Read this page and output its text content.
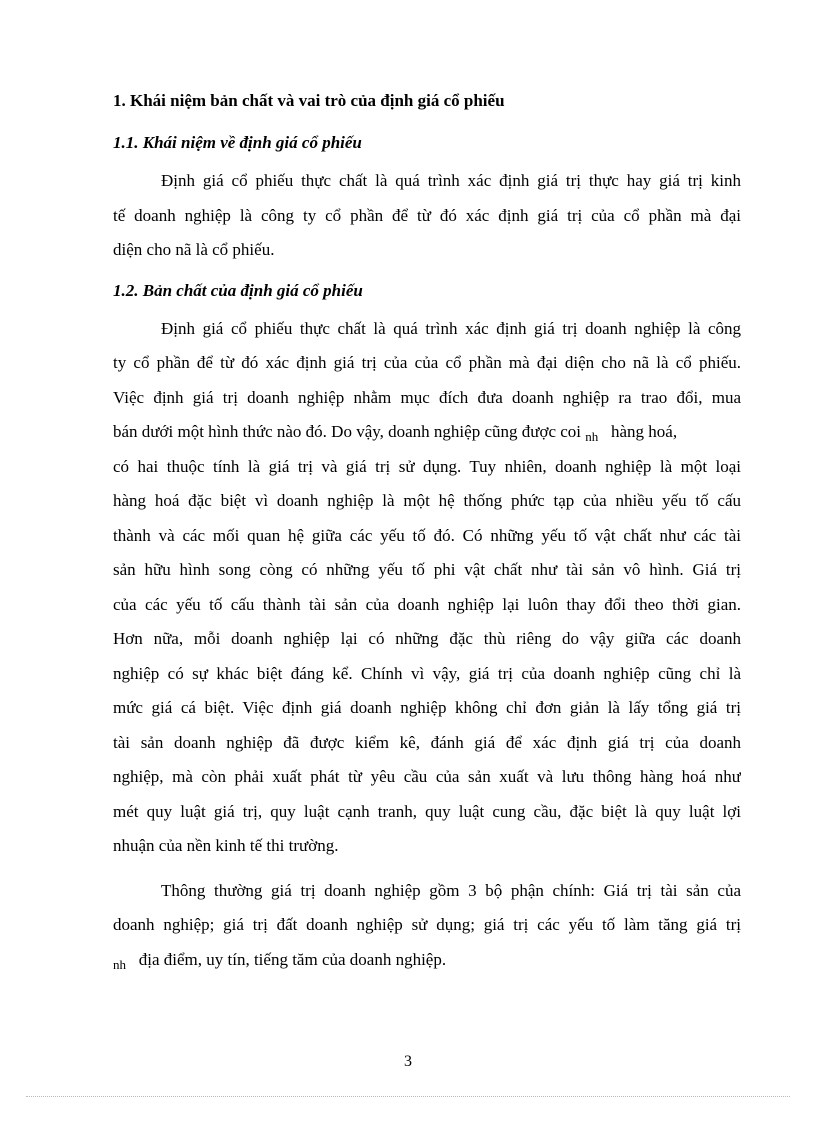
1. Khái niệm bản chất và vai trò của định giá cổ phiếu
1.1. Khái niệm về định giá cổ phiếu
Định giá cổ phiếu thực chất là quá trình xác định giá trị thực hay giá trị kinh
tế doanh nghiệp là công ty cổ phần để từ đó xác định giá trị của cổ phần mà đại
diện cho nã là cổ phiếu.
1.2. Bản chất của định giá cổ phiếu
Định giá cổ phiếu thực chất là quá trình xác định giá trị doanh nghiệp là công
ty cổ phần để từ đó xác định giá trị của của cổ phần mà đại diện cho nã là cổ phiếu.
Việc định giá trị doanh nghiệp nhằm mục đích đưa doanh nghiệp ra trao đổi, mua
bán dưới một hình thức nào đó. Do vậy, doanh nghiệp cũng được coi $_{nh}$ hàng hoá,
có hai thuộc tính là giá trị và giá trị sử dụng. Tuy nhiên, doanh nghiệp là một loại
hàng hoá đặc biệt vì doanh nghiệp là một hệ thống phức tạp của nhiều yếu tố cấu
thành và các mối quan hệ giữa các yếu tố đó. Có những yếu tố vật chất như các tài
sản hữu hình song còng có những yếu tố phi vật chất như tài sản vô hình. Giá trị
của các yếu tố cấu thành tài sản của doanh nghiệp lại luôn thay đổi theo thời gian.
Hơn nữa, mỗi doanh nghiệp lại có những đặc thù riêng do vậy giữa các doanh
nghiệp có sự khác biệt đáng kể. Chính vì vậy, giá trị của doanh nghiệp cũng chỉ là
mức giá cá biệt. Việc định giá doanh nghiệp không chỉ đơn giản là lấy tổng giá trị
tài sản doanh nghiệp đã được kiểm kê, đánh giá để xác định giá trị của doanh
nghiệp, mà còn phải xuất phát từ yêu cầu của sản xuất và lưu thông hàng hoá như
mét quy luật giá trị, quy luật cạnh tranh, quy luật cung cầu, đặc biệt là quy luật lợi
nhuận của nền kinh tế thi trường.
Thông thường giá trị doanh nghiệp gồm 3 bộ phận chính: Giá trị tài sản của
doanh nghiệp; giá trị đất doanh nghiệp sử dụng; giá trị các yếu tố làm tăng giá trị
$_{nh}$ địa điểm, uy tín, tiếng tăm của doanh nghiệp.
3
